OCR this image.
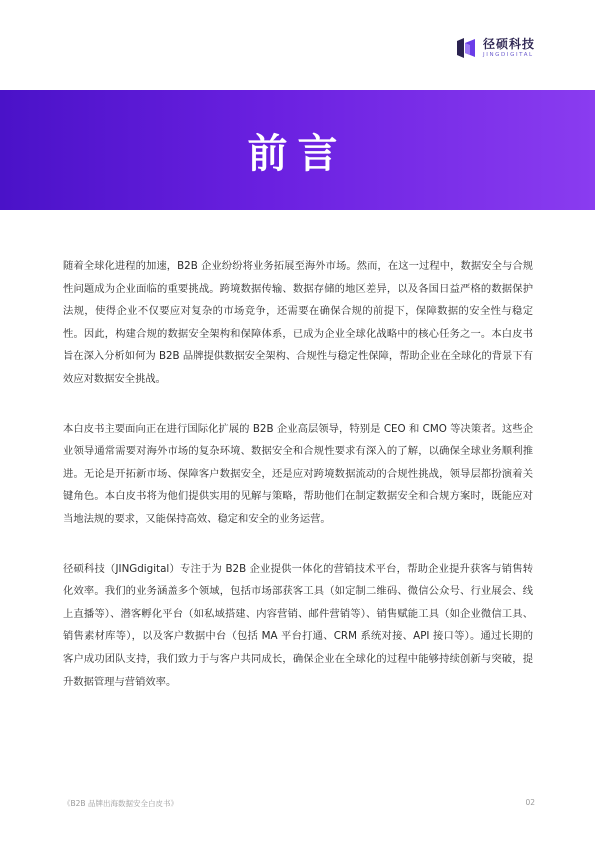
径硕科技
JINGDIGITAL
前言

随着全球化进程的加速，B2B 企业纷纷将业务拓展至海外市场。然而，在这一过程中，数据安全与合规性问题成为企业面临的重要挑战。跨境数据传输、数据存储的地区差异，以及各国日益严格的数据保护法规，使得企业不仅要应对复杂的市场竞争，还需要在确保合规的前提下，保障数据的安全性与稳定性。因此，构建合规的数据安全架构和保障体系，已成为企业全球化战略中的核心任务之一。本白皮书旨在深入分析如何为 B2B 品牌提供数据安全架构、合规性与稳定性保障，帮助企业在全球化的背景下有效应对数据安全挑战。

本白皮书主要面向正在进行国际化扩展的 B2B 企业高层领导，特别是 CEO 和 CMO 等决策者。这些企业领导通常需要对海外市场的复杂环境、数据安全和合规性要求有深入的了解，以确保全球业务顺利推进。无论是开拓新市场、保障客户数据安全，还是应对跨境数据流动的合规性挑战，领导层都扮演着关键角色。本白皮书将为他们提供实用的见解与策略，帮助他们在制定数据安全和合规方案时，既能应对当地法规的要求，又能保持高效、稳定和安全的业务运营。

径硕科技（JINGdigital）专注于为 B2B 企业提供一体化的营销技术平台，帮助企业提升获客与销售转化效率。我们的业务涵盖多个领域，包括市场部获客工具（如定制二维码、微信公众号、行业展会、线上直播等）、潜客孵化平台（如私域搭建、内容营销、邮件营销等）、销售赋能工具（如企业微信工具、销售素材库等），以及客户数据中台（包括 MA 平台打通、CRM 系统对接、API 接口等）。通过长期的客户成功团队支持，我们致力于与客户共同成长，确保企业在全球化的过程中能够持续创新与突破，提升数据管理与营销效率。

《B2B 品牌出海数据安全白皮书》	02
